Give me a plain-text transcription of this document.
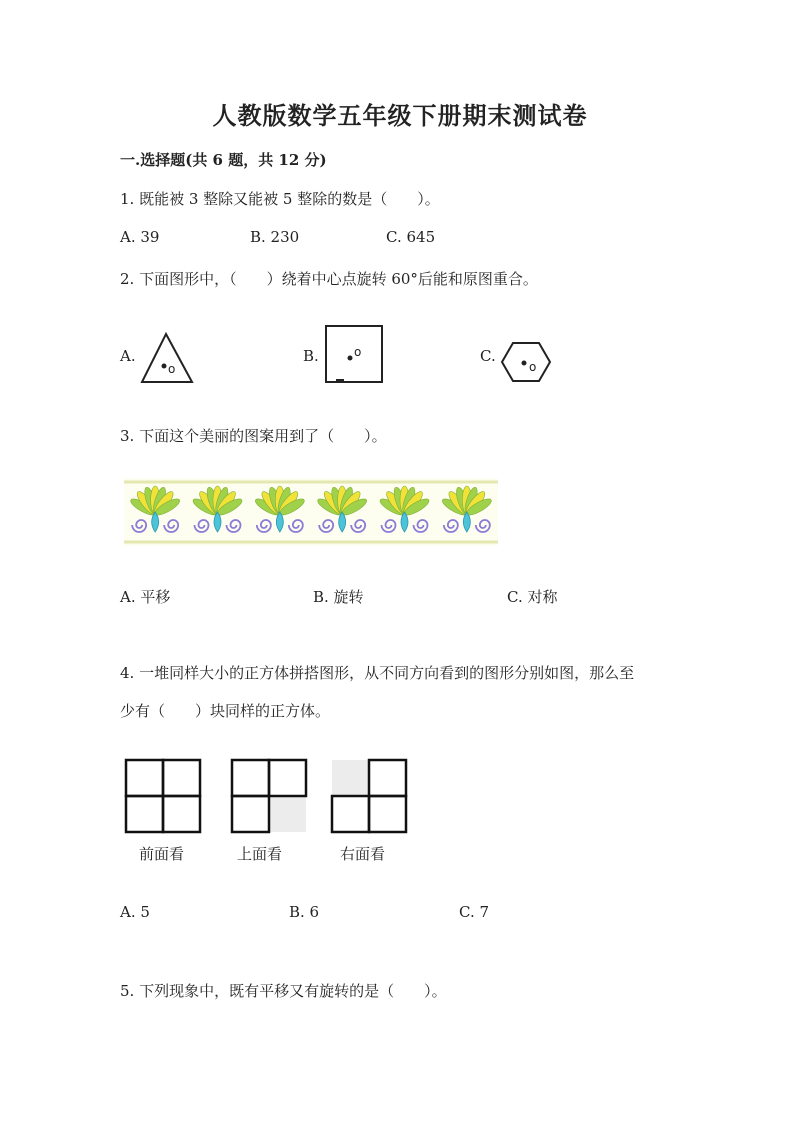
人教版数学五年级下册期末测试卷
一.选择题(共 6 题，共 12 分)
1. 既能被 3 整除又能被 5 整除的数是（　　）。
A. 39	B. 230	C. 645
2. 下面图形中，（　　）绕着中心点旋转 60°后能和原图重合。
A.	B.	C.
o
o
o
3. 下面这个美丽的图案用到了（　　）。
A. 平移	B. 旋转	C. 对称
4. 一堆同样大小的正方体拼搭图形，从不同方向看到的图形分别如图，那么至
少有（　　）块同样的正方体。
前面看	上面看	右面看
A. 5	B. 6	C. 7
5. 下列现象中，既有平移又有旋转的是（　　）。
